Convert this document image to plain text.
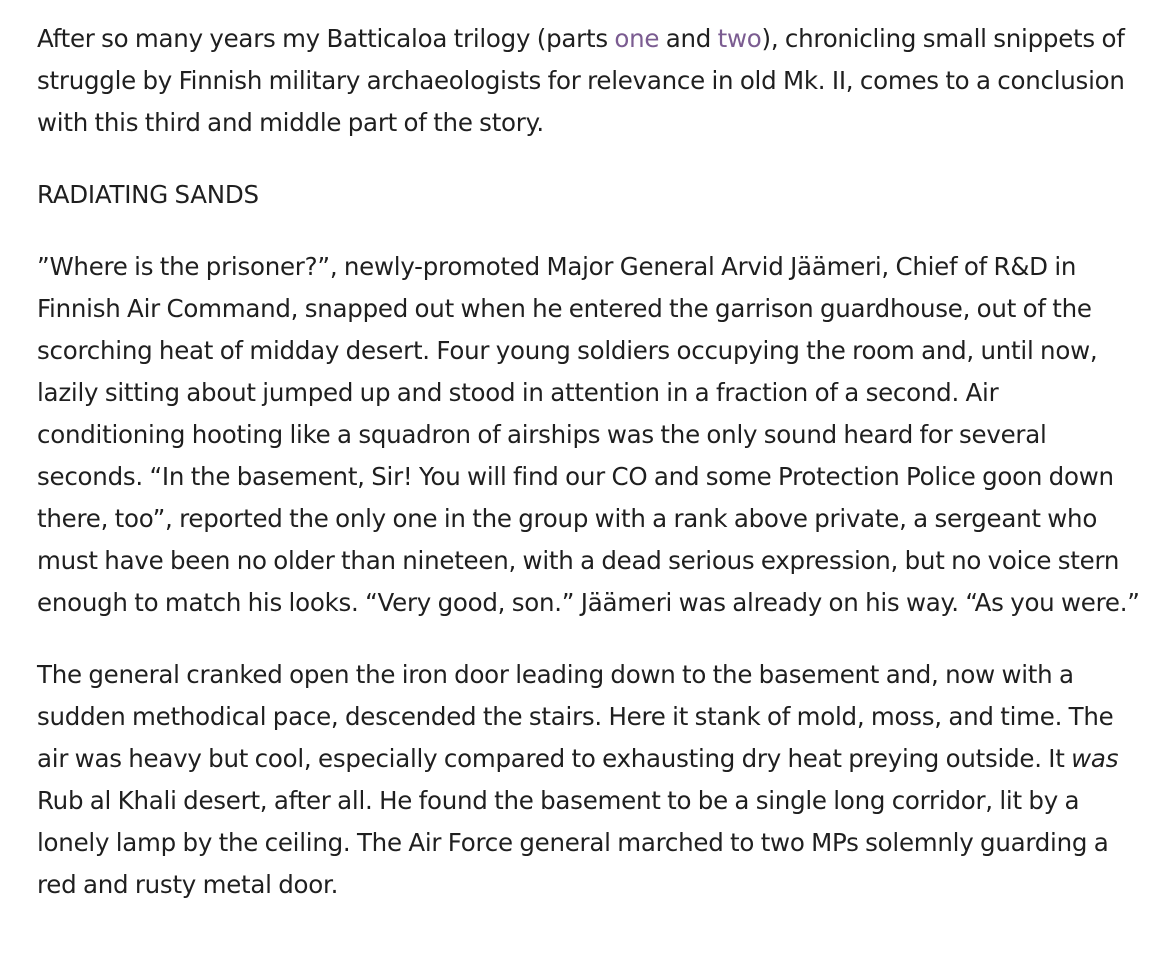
After so many years my Batticaloa trilogy (parts one and two), chronicling small snippets of struggle by Finnish military archaeologists for relevance in old Mk. II, comes to a conclusion with this third and middle part of the story.

RADIATING SANDS

”Where is the prisoner?”, newly-promoted Major General Arvid Jäämeri, Chief of R&D in Finnish Air Command, snapped out when he entered the garrison guardhouse, out of the scorching heat of midday desert. Four young soldiers occupying the room and, until now, lazily sitting about jumped up and stood in attention in a fraction of a second. Air conditioning hooting like a squadron of airships was the only sound heard for several seconds. “In the basement, Sir! You will find our CO and some Protection Police goon down there, too”, reported the only one in the group with a rank above private, a sergeant who must have been no older than nineteen, with a dead serious expression, but no voice stern enough to match his looks. “Very good, son.” Jäämeri was already on his way. “As you were.”

The general cranked open the iron door leading down to the basement and, now with a sudden methodical pace, descended the stairs. Here it stank of mold, moss, and time. The air was heavy but cool, especially compared to exhausting dry heat preying outside. It was Rub al Khali desert, after all. He found the basement to be a single long corridor, lit by a lonely lamp by the ceiling. The Air Force general marched to two MPs solemnly guarding a red and rusty metal door.
